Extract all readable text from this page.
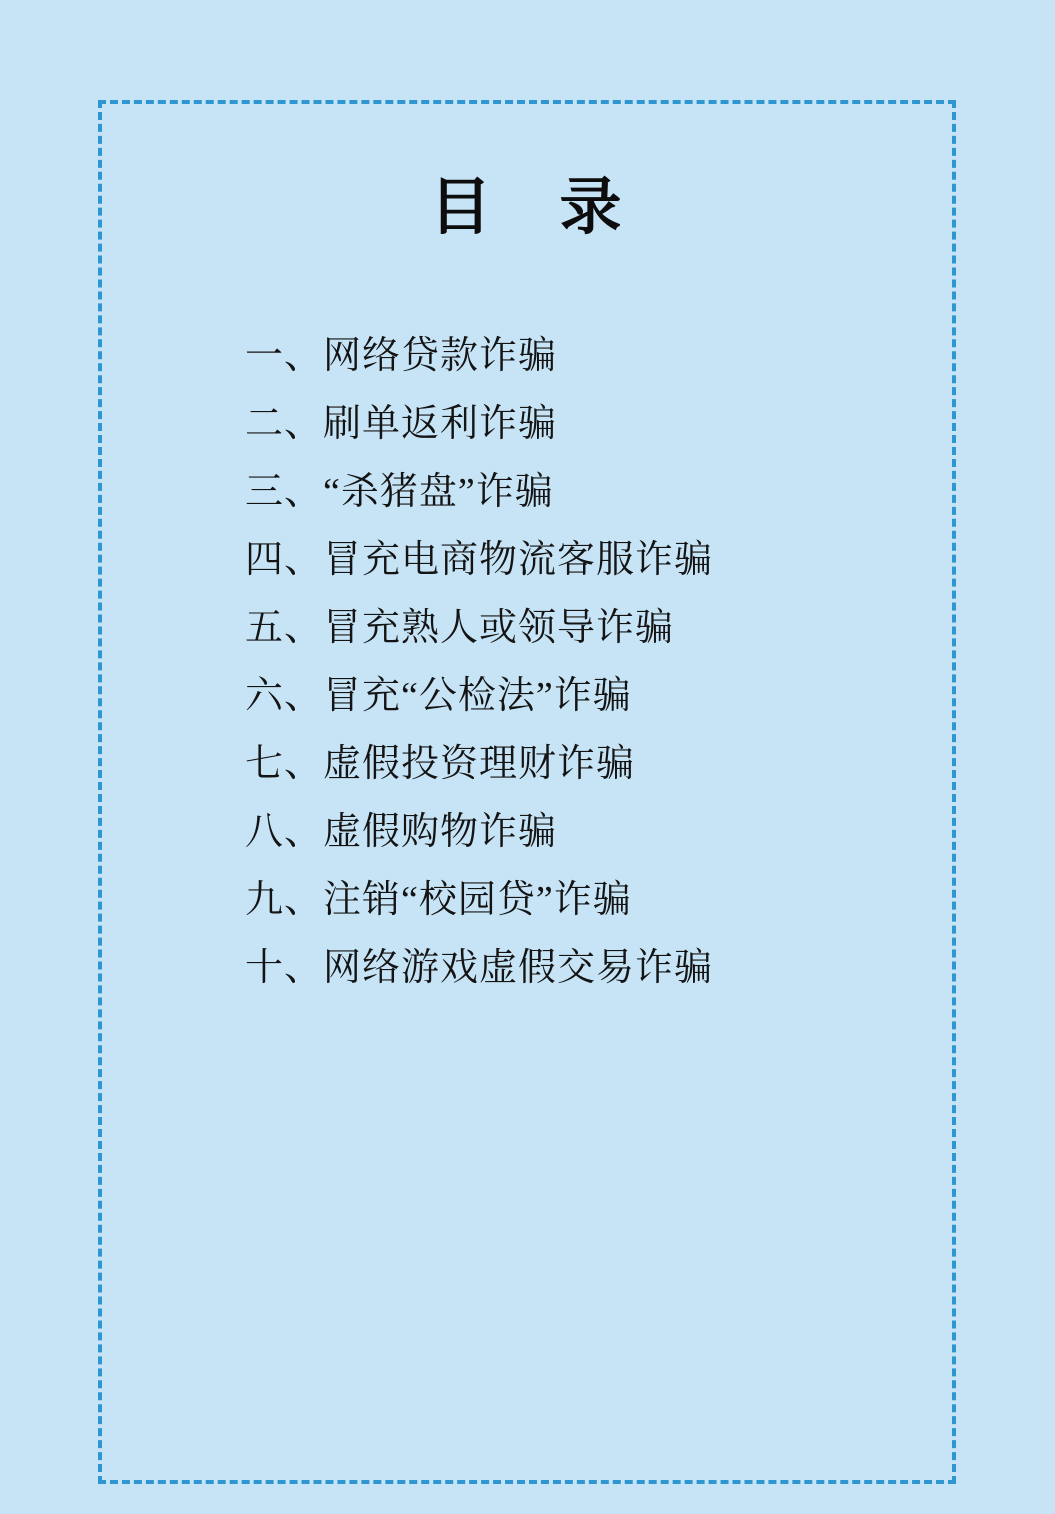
目　录
一、网络贷款诈骗
二、刷单返利诈骗
三、“杀猪盘”诈骗
四、冒充电商物流客服诈骗
五、冒充熟人或领导诈骗
六、冒充“公检法”诈骗
七、虚假投资理财诈骗
八、虚假购物诈骗
九、注销“校园贷”诈骗
十、网络游戏虚假交易诈骗
